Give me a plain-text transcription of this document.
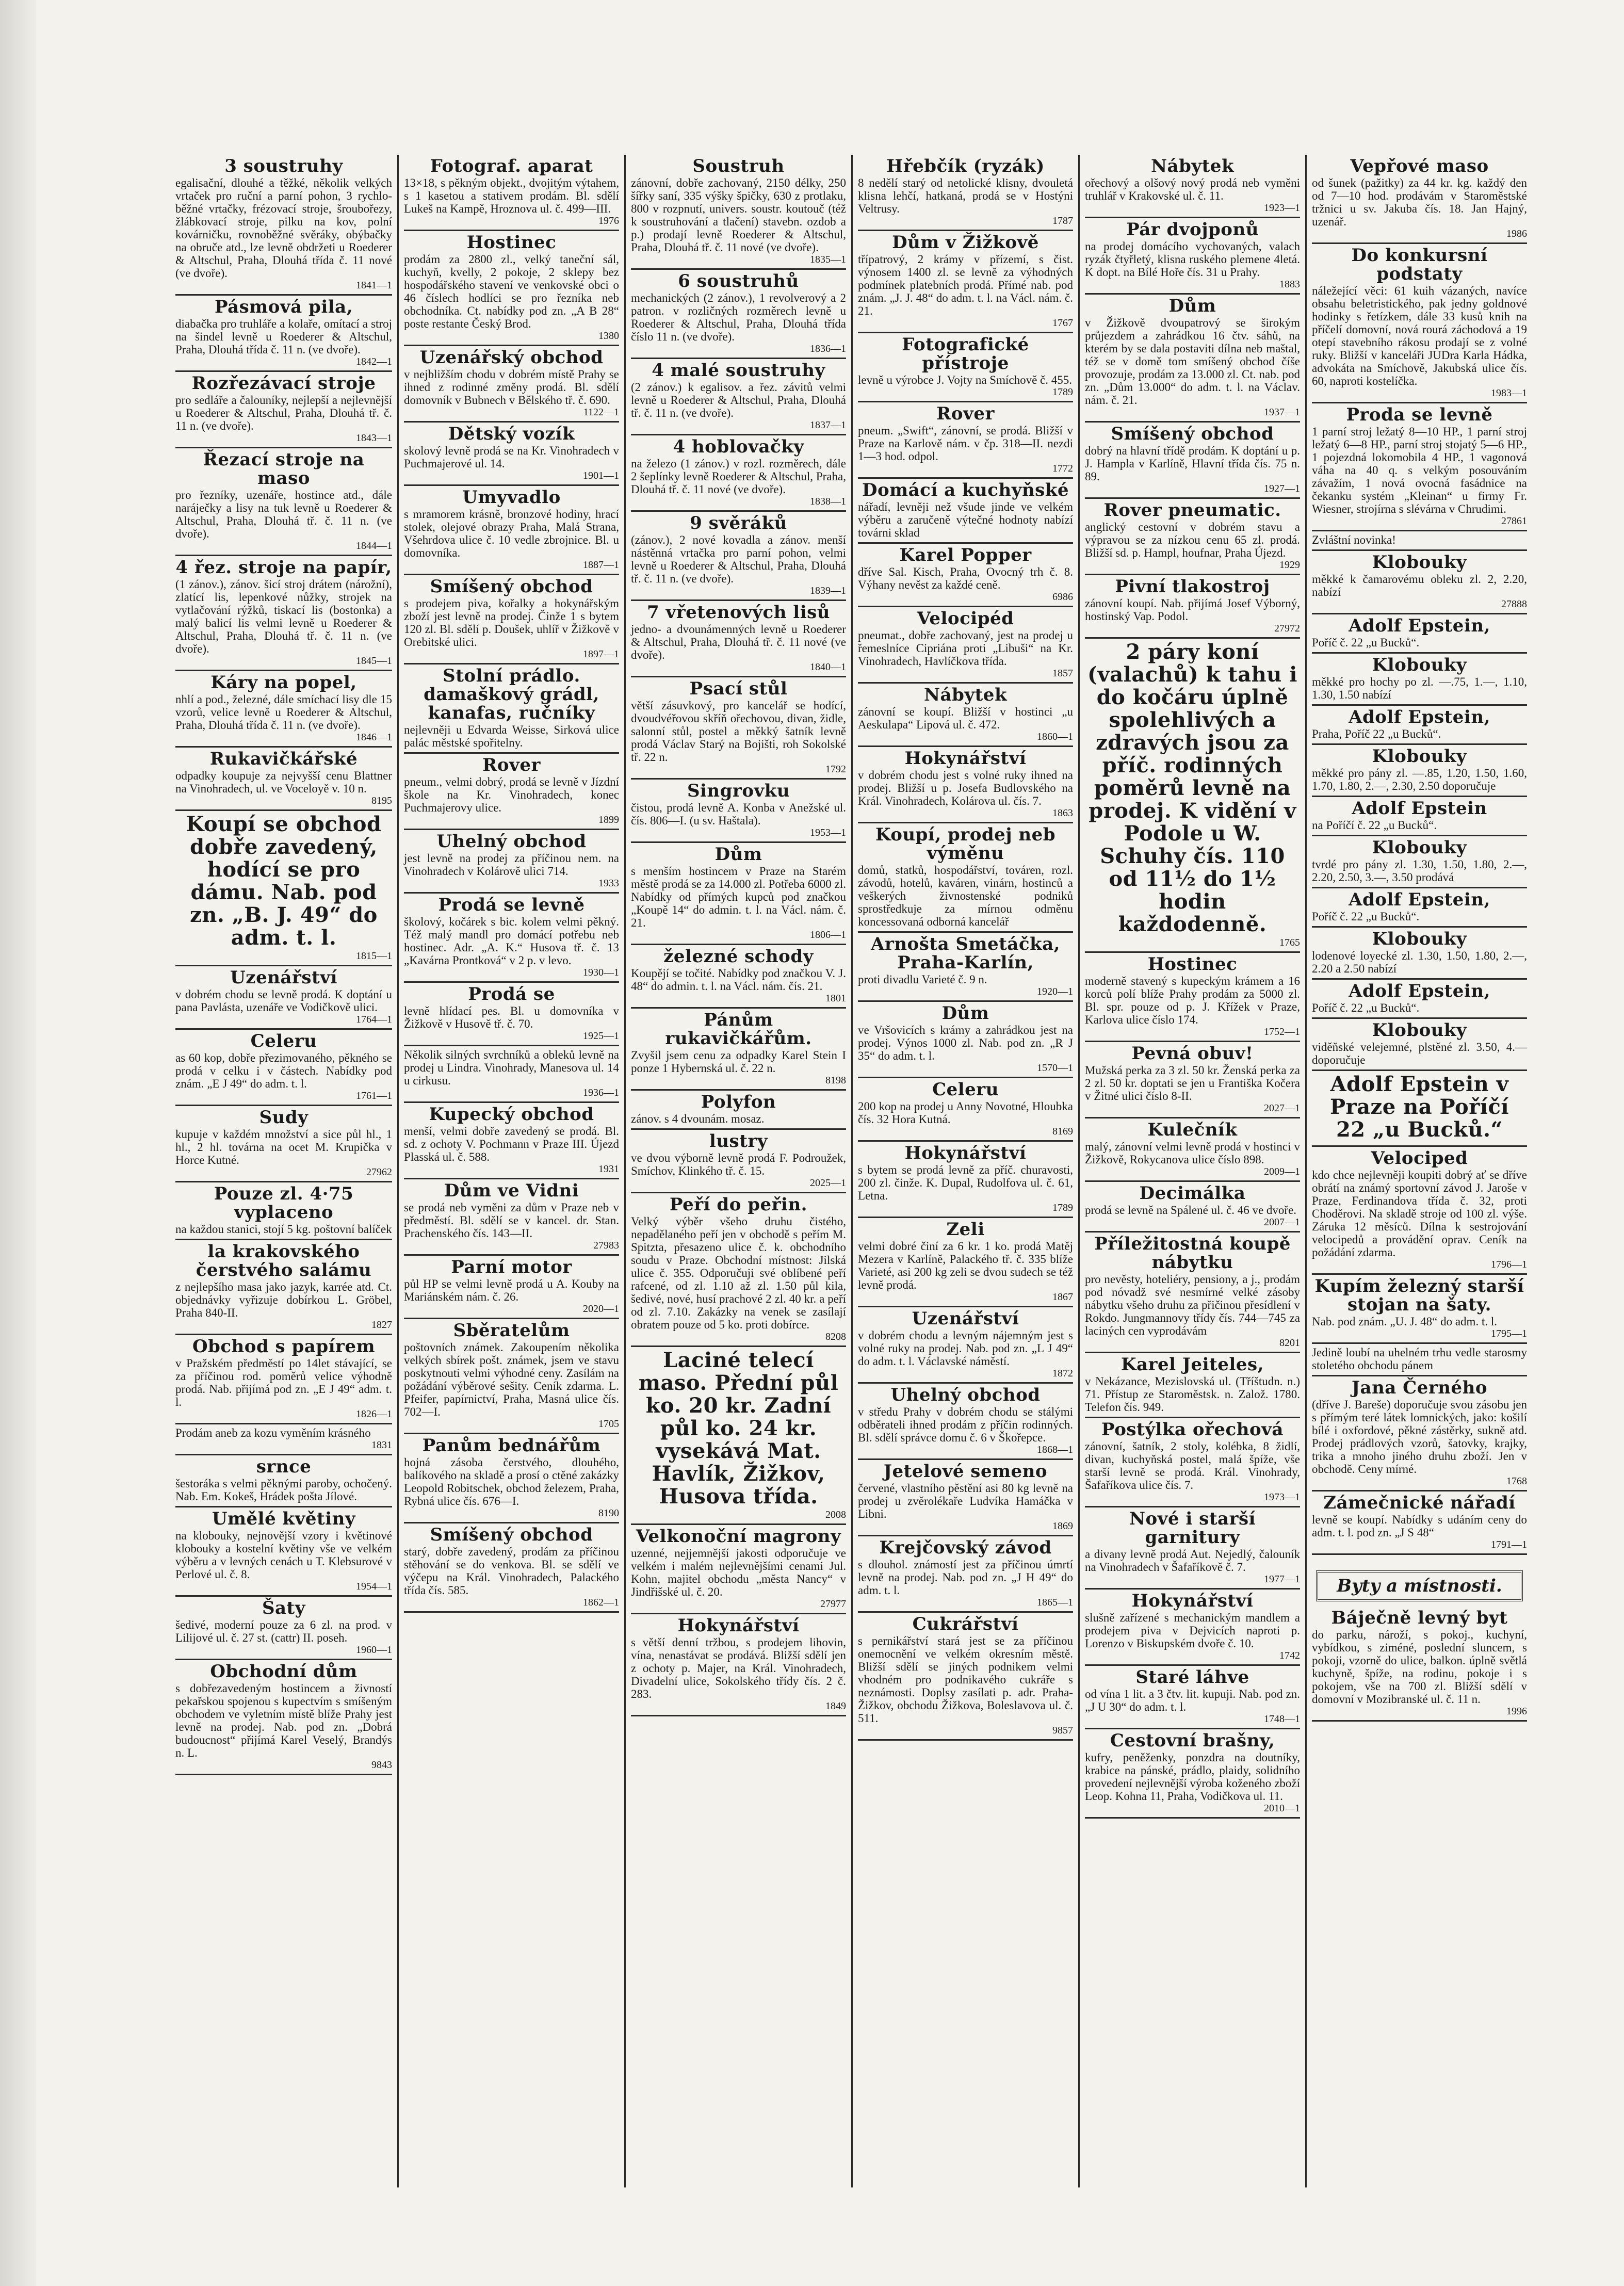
3 soustruhy

egalisační, dlouhé a těžké, několik velkých vrtaček pro ruční a parní pohon, 3 rychlo-běžné vrtačky, frézovací stroje, šroubořezy, žlábkovací stroje, pilku na kov, polní kovárničku, rovnoběžné svěráky, obýbačky na obruče atd., lze levně obdržeti u Roederer & Altschul, Praha, Dlouhá třída č. 11 nové (ve dvoře).

1841—1
Pásmová pila,

diabačka pro truhláře a kolaře, omítací a stroj na šindel levně u Roederer & Altschul, Praha, Dlouhá třída č. 11 n. (ve dvoře).

1842—1
Rozřezávací stroje

pro sedláře a čalouníky, nejlepší a nejlevnější u Roederer & Altschul, Praha, Dlouhá tř. č. 11 n. (ve dvoře).

1843—1
Řezací stroje na maso

pro řezníky, uzenáře, hostince atd., dále naráječky a lisy na tuk levně u Roederer & Altschul, Praha, Dlouhá tř. č. 11 n. (ve dvoře).

1844—1
4 řez. stroje na papír,

(1 zánov.), zánov. šicí stroj drátem (nárožní), zlatící lis, lepenkové nůžky, strojek na vytlačování rýžků, tiskací lis (bostonka) a malý balicí lis velmi levně u Roederer & Altschul, Praha, Dlouhá tř. č. 11 n. (ve dvoře).

1845—1
Káry na popel,

nhlí a pod., železné, dále smíchací lisy dle 15 vzorů, velice levně u Roederer & Altschul, Praha, Dlouhá třída č. 11 n. (ve dvoře).

1846—1
Rukavičkářské

odpadky koupuje za nejvyšší cenu Blattner na Vinohradech, ul. ve Voceloyě v. 10 n.

8195
Koupí se obchod dobře zavedený, hodící se pro dámu. Nab. pod zn. „B. J. 49“ do adm. t. l.
1815—1
Uzenářství

v dobrém chodu se levně prodá. K doptání u pana Pavlásta, uzenáře ve Vodičkově ulici.

1764—1
Celeru

as 60 kop, dobře přezimovaného, pěkného se prodá v celku i v částech. Nabídky pod znám. „E J 49“ do adm. t. l.

1761—1
Sudy

kupuje v každém množství a sice půl hl., 1 hl., 2 hl. továrna na ocet M. Krupička v Horce Kutné.

27962
Pouze zl. 4·75 vyplaceno

na každou stanici, stojí 5 kg. poštovní balíček

la krakovského čerstvého salámu

z nejlepšího masa jako jazyk, karrée atd. Ct. objednávky vyřizuje dobírkou L. Gröbel, Praha 840-II.

1827
Obchod s papírem

v Pražském předměstí po 14let stávající, se za příčinou rod. poměrů velice výhodně prodá. Nab. přijímá pod zn. „E J 49“ adm. t. l.

1826—1

Prodám aneb za kozu vyměním krásného

1831
srnce

šestoráka s velmi pěknými paroby, ochočený. Nab. Em. Kokeš, Hrádek pošta Jílové.

Umělé květiny

na klobouky, nejnovější vzory i květinové klobouky a kostelní květiny vše ve velkém výběru a v levných cenách u T. Klebsurové v Perlové ul. č. 8.

1954—1
Šaty

šedivé, moderní pouze za 6 zl. na prod. v Lilijové ul. č. 27 st. (cattr) II. poseh.

1960—1
Obchodní dům

s dobřezavedeným hostincem a živností pekařskou spojenou s kupectvím s smíšeným obchodem ve vyletním místě blíže Prahy jest levně na prodej. Nab. pod zn. „Dobrá budoucnost“ přijímá Karel Veselý, Brandýs n. L.

9843
Fotograf. aparat

13×18, s pěkným objekt., dvojitým výtahem, s 1 kasetou a stativem prodám. Bl. sdělí Lukeš na Kampě, Hroznova ul. č. 499—III.

1976
Hostinec

prodám za 2800 zl., velký taneční sál, kuchyň, kvelly, 2 pokoje, 2 sklepy bez hospodářského stavení ve venkovské obci o 46 číslech hodlíci se pro řezníka neb obchodníka. Ct. nabídky pod zn. „A B 28“ poste restante Český Brod.

1380
Uzenářský obchod

v nejbližším chodu v dobrém místě Prahy se ihned z rodinné změny prodá. Bl. sdělí domovník v Bubnech v Bělského tř. č. 690.

1122—1
Dětský vozík

skolový levně prodá se na Kr. Vinohradech v Puchmajerové ul. 14.

1901—1
Umyvadlo

s mramorem krásně, bronzové hodiny, hrací stolek, olejové obrazy Praha, Malá Strana, Všehrdova ulice č. 10 vedle zbrojnice. Bl. u domovníka.

1887—1
Smíšený obchod

s prodejem piva, kořalky a hokynářským zboží jest levně na prodej. Činže 1 s bytem 120 zl. Bl. sdělí p. Doušek, uhlíř v Žižkově v Orebitské ulici.

1897—1
Stolní prádlo. damaškový grádl, kanafas, ručníky

nejlevněji u Edvarda Weisse, Sirková ulice palác městské spořitelny.

Rover

pneum., velmi dobrý, prodá se levně v Jízdní škole na Kr. Vinohradech, konec Puchmajerovy ulice.

1899
Uhelný obchod

jest levně na prodej za příčinou nem. na Vinohradech v Kolárově ulici 714.

1933
Prodá se levně

školový, kočárek s bic. kolem velmi pěkný. Též malý mandl pro domácí potřebu neb hostinec. Adr. „A. K.“ Husova tř. č. 13 „Kavárna Prontková“ v 2 p. v levo.

1930—1
Prodá se

levně hlídací pes. Bl. u domovníka v Žižkově v Husově tř. č. 70.

1925—1

Několik silných svrchníků a obleků levně na prodej u Lindra. Vinohrady, Manesova ul. 14 u cirkusu.

1936—1
Kupecký obchod

menší, velmi dobře zavedený se prodá. Bl. sd. z ochoty V. Pochmann v Praze III. Újezd Plasská ul. č. 588.

1931
Dům ve Vidni

se prodá neb vyměni za dům v Praze neb v předměstí. Bl. sdělí se v kancel. dr. Stan. Prachenského čís. 143—II.

27983
Parní motor

půl HP se velmi levně prodá u A. Kouby na Mariánském nám. č. 26.

2020—1
Sběratelům

poštovních známek. Zakoupením několika velkých sbírek pošt. známek, jsem ve stavu poskytnouti velmi výhodné ceny. Zasílám na požádání výběrové sešity. Ceník zdarma. L. Pfeifer, papírnictví, Praha, Masná ulice čís. 702—I.

1705
Panům bednářům

hojná zásoba čerstvého, dlouhého, balíkového na skladě a prosí o ctěné zakázky Leopold Robitschek, obchod železem, Praha, Rybná ulice čís. 676—I.

8190
Smíšený obchod

starý, dobře zavedený, prodám za příčinou stěhování se do venkova. Bl. se sdělí ve výčepu na Král. Vinohradech, Palackého třída čís. 585.

1862—1
Soustruh

zánovní, dobře zachovaný, 2150 délky, 250 šířky saní, 335 výšky špičky, 630 z protlaku, 800 v rozpnutí, univers. soustr. koutouč (též k soustruhování a tlačení) stavebn. ozdob a p.) prodají levně Roederer & Altschul, Praha, Dlouhá tř. č. 11 nové (ve dvoře).

1835—1
6 soustruhů

mechanických (2 zánov.), 1 revolverový a 2 patron. v rozličných rozměrech levně u Roederer & Altschul, Praha, Dlouhá třída číslo 11 n. (ve dvoře).

1836—1
4 malé soustruhy

(2 zánov.) k egalisov. a řez. závitů velmi levně u Roederer & Altschul, Praha, Dlouhá tř. č. 11 n. (ve dvoře).

1837—1
4 hoblovačky

na železo (1 zánov.) v rozl. rozměrech, dále 2 šeplínky levně Roederer & Altschul, Praha, Dlouhá tř. č. 11 nové (ve dvoře).

1838—1
9 svěráků

(zánov.), 2 nové kovadla a zánov. menší nástěnná vrtačka pro parní pohon, velmi levně u Roederer & Altschul, Praha, Dlouhá tř. č. 11 n. (ve dvoře).

1839—1
7 vřetenových lisů

jedno- a dvounámenných levně u Roederer & Altschul, Praha, Dlouhá tř. č. 11 nové (ve dvoře).

1840—1
Psací stůl

větší zásuvkový, pro kancelář se hodící, dvoudvéřovou skříň ořechovou, divan, židle, salonní stůl, postel a měkký šatník levně prodá Václav Starý na Bojišti, roh Sokolské tř. 22 n.

1792
Singrovku

čistou, prodá levně A. Konba v Anežské ul. čís. 806—I. (u sv. Haštala).

1953—1
Dům

s menším hostincem v Praze na Starém městě prodá se za 14.000 zl. Potřeba 6000 zl. Nabídky od přímých kupců pod značkou „Koupě 14“ do admin. t. l. na Václ. nám. č. 21.

1806—1
železné schody

Koupějí se točité. Nabídky pod značkou V. J. 48“ do admin. t. l. na Václ. nám. čís. 21.

1801
Pánům rukavičkářům.

Zvyšil jsem cenu za odpadky Karel Stein I ponze 1 Hybernská ul. č. 22 n.

8198
Polyfon

zánov. s 4 dvounám. mosaz.

lustry

ve dvou výborně levně prodá F. Podroužek, Smíchov, Klinkého tř. č. 15.

2025—1
Peří do peřin.

Velký výběr všeho druhu čistého, nepadělaného peří jen v obchodě s peřím M. Spitzta, přesazeno ulice č. k. obchodního soudu v Praze. Obchodní místnost: Jilská ulice č. 355. Odporučuji své oblíbené peří rafcené, od zl. 1.10 až zl. 1.50 půl kila, šedivé, nové, husí prachové 2 zl. 40 kr. a peří od zl. 7.10. Zakázky na venek se zasílají obratem pouze od 5 ko. proti dobírce.

8208
Laciné telecí maso. Přední půl ko. 20 kr. Zadní půl ko. 24 kr. vysekává Mat. Havlík, Žižkov, Husova třída.
2008
Velkonoční magrony

uzenné, nejjemnější jakosti odporučuje ve velkém i malém nejlevnějšími cenami Jul. Kohn, majitel obchodu „města Nancy“ v Jindřišské ul. č. 20.

27977
Hokynářství

s větší denní tržbou, s prodejem lihovin, vína, nenastávat se prodává. Bližší sdělí jen z ochoty p. Majer, na Král. Vinohradech, Divadelní ulice, Sokolského třídy čís. 2 č. 283.

1849
Hřebčík (ryzák)

8 nedělí starý od netolické klisny, dvouletá klisna lehčí, hatkaná, prodá se v Hostýni Veltrusy.

1787
Dům v Žižkově

třípatrový, 2 krámy v přízemí, s čist. výnosem 1400 zl. se levně za výhodných podmínek platebních prodá. Přímé nab. pod znám. „J. J. 48“ do adm. t. l. na Václ. nám. č. 21.

1767
Fotografické přístroje

levně u výrobce J. Vojty na Smíchově č. 455.

1789
Rover

pneum. „Swift“, zánovní, se prodá. Bližší v Praze na Karlově nám. v čp. 318—II. nezdi 1—3 hod. odpol.

1772
Domácí a kuchyňské

nářadí, levněji než všude jinde ve velkém výběru a zaručeně výtečné hodnoty nabízí továrni sklad

Karel Popper

dříve Sal. Kisch, Praha, Ovocný trh č. 8. Výhany nevěst za každé ceně.

6986
Velocipéd

pneumat., dobře zachovaný, jest na prodej u řemeslníce Cipriána proti „Libuši“ na Kr. Vinohradech, Havlíčkova třída.

1857
Nábytek

zánovní se koupí. Bližší v hostinci „u Aeskulapa“ Lipová ul. č. 472.

1860—1
Hokynářství

v dobrém chodu jest s volné ruky ihned na prodej. Bližší u p. Josefa Budlovského na Král. Vinohradech, Kolárova ul. čís. 7.

1863
Koupí, prodej neb výměnu

domů, statků, hospodářství, továren, rozl. závodů, hotelů, kaváren, vinárn, hostinců a veškerých živnostenské podniků sprostředkuje za mírnou odměnu koncessovaná odborná kancelář

Arnošta Smetáčka, Praha-Karlín,

proti divadlu Varieté č. 9 n.

1920—1
Dům

ve Vršovicích s krámy a zahrádkou jest na prodej. Výnos 1000 zl. Nab. pod zn. „R J 35“ do adm. t. l.

1570—1
Celeru

200 kop na prodej u Anny Novotné, Hloubka čís. 32 Hora Kutná.

8169
Hokynářství

s bytem se prodá levně za příč. churavosti, 200 zl. činže. K. Dupal, Rudolfova ul. č. 61, Letna.

1789
Zeli

velmi dobré činí za 6 kr. 1 ko. prodá Matěj Mezera v Karlíně, Palackého tř. č. 335 blíže Varieté, asi 200 kg zeli se dvou sudech se též levně prodá.

1867
Uzenářství

v dobrém chodu a levným nájemným jest s volné ruky na prodej. Nab. pod zn. „L J 49“ do adm. t. l. Václavské náměstí.

1872
Uhelný obchod

v středu Prahy v dobrém chodu se stálými odběrateli ihned prodám z příčin rodinných. Bl. sdělí správce domu č. 6 v Škořepce.

1868—1
Jetelové semeno

červené, vlastního pěstění asi 80 kg levně na prodej u zvěrolékaře Ludvíka Hamáčka v Libni.

1869
Krejčovský závod

s dlouhol. známostí jest za příčinou úmrtí levně na prodej. Nab. pod zn. „J H 49“ do adm. t. l.

1865—1
Cukrářství

s pernikářství stará jest se za příčinou onemocnění ve velkém okresním městě. Bližší sdělí se jiných podnikem velmi vhodném pro podnikavého cukráře s neznámosti. Doplsy zasílati p. adr. Praha-Žižkov, obchodu Žižkova, Boleslavova ul. č. 511.

9857
Nábytek

ořechový a olšový nový prodá neb vyměni truhlář v Krakovské ul. č. 11.

1923—1
Pár dvojponů

na prodej domácího vychovaných, valach ryzák čtyřletý, klisna ruského plemene 4letá. K dopt. na Bílé Hoře čís. 31 u Prahy.

1883
Dům

v Žižkově dvoupatrový se širokým průjezdem a zahrádkou 16 čtv. sáhů, na kterém by se dala postaviti dílna neb maštal, též se v domě tom smíšený obchod číše provozuje, prodám za 13.000 zl. Ct. nab. pod zn. „Dům 13.000“ do adm. t. l. na Václav. nám. č. 21.

1937—1
Smíšený obchod

dobrý na hlavní třídě prodám. K doptání u p. J. Hampla v Karlíně, Hlavní třída čís. 75 n. 89.

1927—1
Rover pneumatic.

anglický cestovní v dobrém stavu a výpravou se za nízkou cenu 65 zl. prodá. Bližší sd. p. Hampl, houfnar, Praha Újezd.

1929
Pivní tlakostroj

zánovní koupí. Nab. přijímá Josef Výborný, hostinský Vap. Podol.

27972
2 páry koní (valachů) k tahu i do kočáru úplně spolehlivých a zdravých jsou za příč. rodinných poměrů levně na prodej. K vidění v Podole u W. Schuhy čís. 110 od 11½ do 1½ hodin každodenně.
1765
Hostinec

moderně stavený s kupeckým krámem a 16 korců polí blíže Prahy prodám za 5000 zl. Bl. spr. pouze od p. J. Křížek v Praze, Karlova ulice číslo 174.

1752—1
Pevná obuv!

Mužská perka za 3 zl. 50 kr. Ženská perka za 2 zl. 50 kr. doptati se jen u Františka Kočera v Žitné ulici číslo 8-II.

2027—1
Kulečník

malý, zánovní velmi levně prodá v hostinci v Žižkově, Rokycanova ulice číslo 898.

2009—1
Decimálka

prodá se levně na Spálené ul. č. 46 ve dvoře.

2007—1
Příležitostná koupě nábytku

pro nevěsty, hoteliéry, pensiony, a j., prodám pod nóvadž své nesmírné velké zásoby nábytku všeho druhu za přičinou přesídlení v Rokdo. Jungmannovy třídy čís. 744—745 za laciných cen vyprodávám

8201
Karel Jeiteles,

v Nekázance, Mezislovská ul. (Tříštudn. n.) 71. Přístup ze Staroměstsk. n. Založ. 1780. Telefon čís. 949.

Postýlka ořechová

zánovní, šatník, 2 stoly, kolébka, 8 židlí, divan, kuchyňská postel, malá špíže, vše starší levně se prodá. Král. Vinohrady, Šafaříkova ulice čís. 7.

1973—1
Nové i starší garnitury

a divany levně prodá Aut. Nejedlý, čalouník na Vinohradech v Šafaříkově č. 7.

1977—1
Hokynářství

slušně zařízené s mechanickým mandlem a prodejem piva v Dejvicích naproti p. Lorenzo v Biskupském dvoře č. 10.

1742
Staré láhve

od vína 1 lit. a 3 čtv. lit. kupuji. Nab. pod zn. „J U 30“ do adm. t. l.

1748—1
Cestovní brašny,

kufry, peněženky, ponzdra na doutníky, krabice na pánské, prádlo, plaidy, solidního provedení nejlevnější výroba koženého zboží Leop. Kohna 11, Praha, Vodičkova ul. 11.

2010—1
Vepřové maso

od šunek (pažitky) za 44 kr. kg. každý den od 7—10 hod. prodávám v Staroměstské tržnici u sv. Jakuba čís. 18. Jan Hajný, uzenář.

1986
Do konkursní podstaty

náležející věci: 61 kuih vázaných, navíce obsahu beletristického, pak jedny goldnové hodinky s řetízkem, dále 33 kusů knih na příčelí domovní, nová rourá záchodová a 19 otepí stavebního rákosu prodají se z volné ruky. Bližší v kanceláři JUDra Karla Hádka, advokáta na Smíchově, Jakubská ulice čís. 60, naproti kostelíčka.

1983—1
Proda se levně

1 parní stroj ležatý 8—10 HP., 1 parní stroj ležatý 6—8 HP., parní stroj stojatý 5—6 HP., 1 pojezdná lokomobila 4 HP., 1 vagonová váha na 40 q. s velkým posouváním závažím, 1 nová ovocná fasádnice na čekanku systém „Kleinan“ u firmy Fr. Wiesner, strojírna s slévárna v Chrudimi.

27861

Zvláštní novinka!

Klobouky

měkké k čamarovému obleku zl. 2, 2.20, nabízí

27888
Adolf Epstein,

Poříč č. 22 „u Bucků“.

Klobouky

měkké pro hochy po zl. —.75, 1.—, 1.10, 1.30, 1.50 nabízí

Adolf Epstein,

Praha, Poříč 22 „u Bucků“.

Klobouky

měkké pro pány zl. —.85, 1.20, 1.50, 1.60, 1.70, 1.80, 2.—, 2.30, 2.50 doporučuje

Adolf Epstein

na Poříčí č. 22 „u Bucků“.

Klobouky

tvrdé pro pány zl. 1.30, 1.50, 1.80, 2.—, 2.20, 2.50, 3.—, 3.50 prodává

Adolf Epstein,

Poříč č. 22 „u Bucků“.

Klobouky

lodenové loyecké zl. 1.30, 1.50, 1.80, 2.—, 2.20 a 2.50 nabízí

Adolf Epstein,

Poříč č. 22 „u Bucků“.

Klobouky

viděňské velejemné, plstěné zl. 3.50, 4.— doporučuje

Adolf Epstein v Praze na Poříčí 22 „u Bucků.“
Velociped

kdo chce nejlevněji koupiti dobrý ať se dříve obrátí na známý sportovní závod J. Jaroše v Praze, Ferdinandova třída č. 32, proti Choděrovi. Na skladě stroje od 100 zl. výše. Záruka 12 měsíců. Dílna k sestrojování velocipedů a provádění oprav. Ceník na požádání zdarma.

1796—1
Kupím železný starší stojan na šaty.

Nab. pod znám. „U. J. 48“ do adm. t. l.

1795—1

Jedině loubí na uhelném trhu vedle starosmy stoletého obchodu pánem

Jana Černého

(dříve J. Bareše) doporučuje svou zásobu jen s přímým teré látek lomnických, jako: košilí bílé i oxfordové, pěkné zástěrky, sukně atd. Prodej prádlových vzorů, šatovky, krajky, trika a mnoho jiného druhu zboží. Jen v obchodě. Ceny mírné.

1768
Zámečnické nářadí

levně se koupí. Nabídky s udáním ceny do adm. t. l. pod zn. „J S 48“

1791—1
Byty a místnosti.
Báječně levný byt

do parku, nároží, s pokoj., kuchyní, vybídkou, s ziméné, poslední sluncem, s pokoji, vzorně do ulice, balkon. úplně světlá kuchyně, špíže, na rodinu, pokoje i s pokojem, vše na 700 zl. Bližší sdělí v domovní v Mozibranské ul. č. 11 n.

1996
